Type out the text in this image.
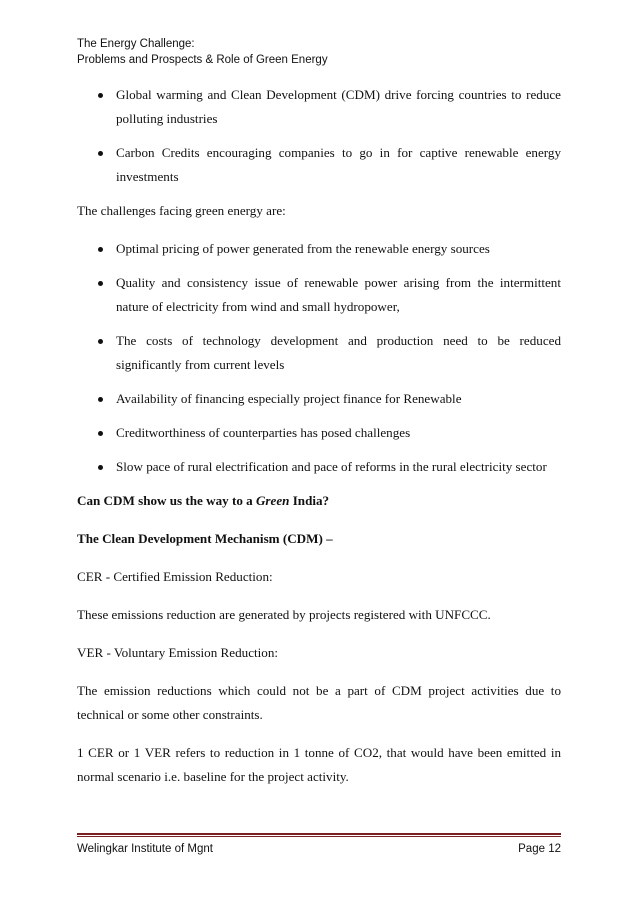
The Energy Challenge:
Problems and Prospects & Role of Green Energy
Global warming and Clean Development (CDM) drive forcing countries to reduce polluting industries
Carbon Credits encouraging companies to go in for captive renewable energy investments

The challenges facing green energy are:

Optimal pricing of power generated from the renewable energy sources
Quality and consistency issue of renewable power arising from the intermittent nature of electricity from wind and small hydropower,
The costs of technology development and production need to be reduced significantly from current levels
Availability of financing especially project finance for Renewable
Creditworthiness of counterparties has posed challenges
Slow pace of rural electrification and pace of reforms in the rural electricity sector

Can CDM show us the way to a Green India?

The Clean Development Mechanism (CDM) –

CER - Certified Emission Reduction:

These emissions reduction are generated by projects registered with UNFCCC.

VER - Voluntary Emission Reduction:

The emission reductions which could not be a part of CDM project activities due to technical or some other constraints.

1 CER or 1 VER refers to reduction in 1 tonne of CO2, that would have been emitted in normal scenario i.e. baseline for the project activity.

Welingkar Institute of Mgnt	Page 12
